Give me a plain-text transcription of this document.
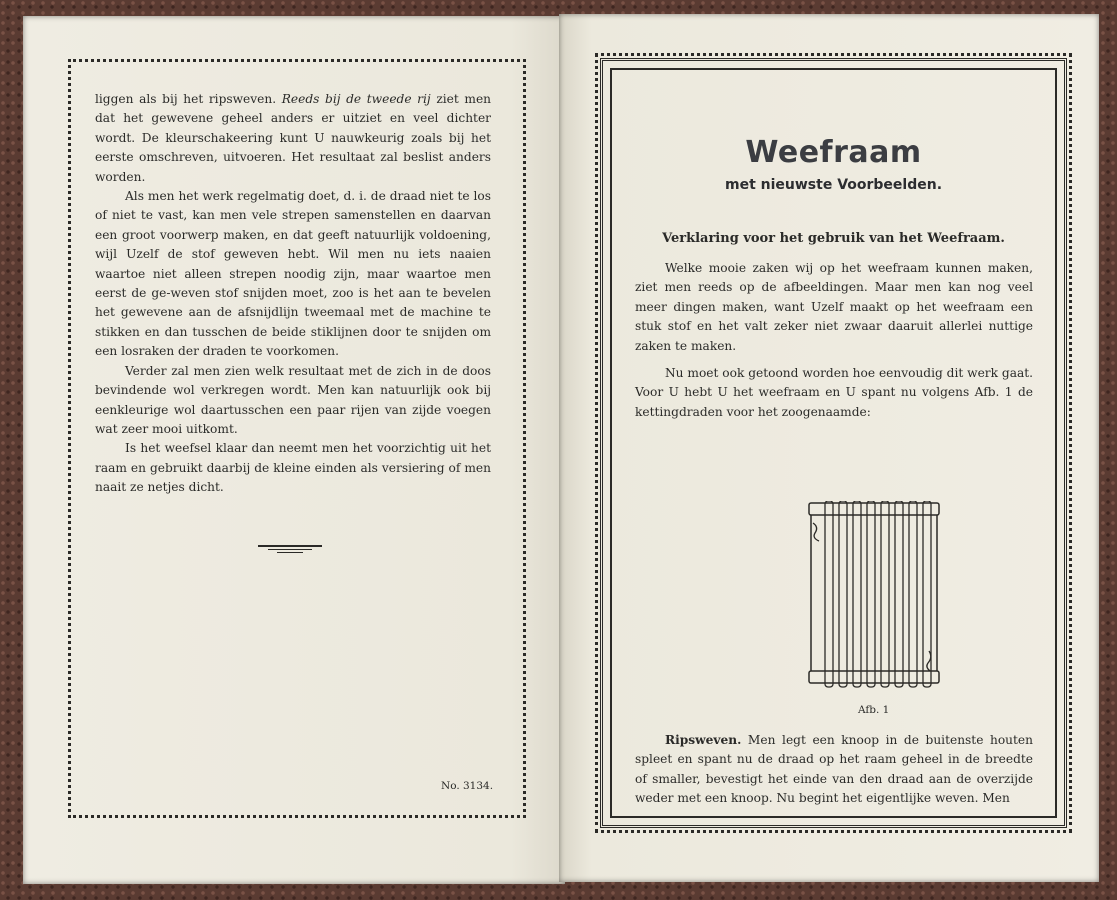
liggen als bij het ripsweven. Reeds bij de tweede rij ziet men dat het gewevene geheel anders er uitziet en veel dichter wordt. De kleurschakeering kunt U nauwkeurig zoals bij het eerste omschreven, uitvoeren. Het resultaat zal beslist anders worden.

Als men het werk regelmatig doet, d. i. de draad niet te los of niet te vast, kan men vele strepen samenstellen en daarvan een groot voorwerp maken, en dat geeft natuurlijk voldoening, wijl Uzelf de stof geweven hebt. Wil men nu iets naaien waartoe niet alleen strepen noodig zijn, maar waartoe men eerst de ge-weven stof snijden moet, zoo is het aan te bevelen het gewevene aan de afsnijdlijn tweemaal met de machine te stikken en dan tusschen de beide stiklijnen door te snijden om een losraken der draden te voorkomen.

Verder zal men zien welk resultaat met de zich in de doos bevindende wol verkregen wordt. Men kan natuurlijk ook bij eenkleurige wol daartusschen een paar rijen van zijde voegen wat zeer mooi uitkomt.

Is het weefsel klaar dan neemt men het voorzichtig uit het raam en gebruikt daarbij de kleine einden als versiering of men naait ze netjes dicht.

No. 3134.
Weefraam
met nieuwste Voorbeelden.
Verklaring voor het gebruik van het Weefraam.

Welke mooie zaken wij op het weefraam kunnen maken, ziet men reeds op de afbeeldingen. Maar men kan nog veel meer dingen maken, want Uzelf maakt op het weefraam een stuk stof en het valt zeker niet zwaar daaruit allerlei nuttige zaken te maken.

Nu moet ook getoond worden hoe eenvoudig dit werk gaat. Voor U hebt U het weefraam en U spant nu volgens Afb. 1 de kettingdraden voor het zoogenaamde:

Afb. 1

Ripsweven. Men legt een knoop in de buitenste houten spleet en spant nu de draad op het raam geheel in de breedte of smaller, bevestigt het einde van den draad aan de overzijde weder met een knoop. Nu begint het eigentlijke weven. Men
